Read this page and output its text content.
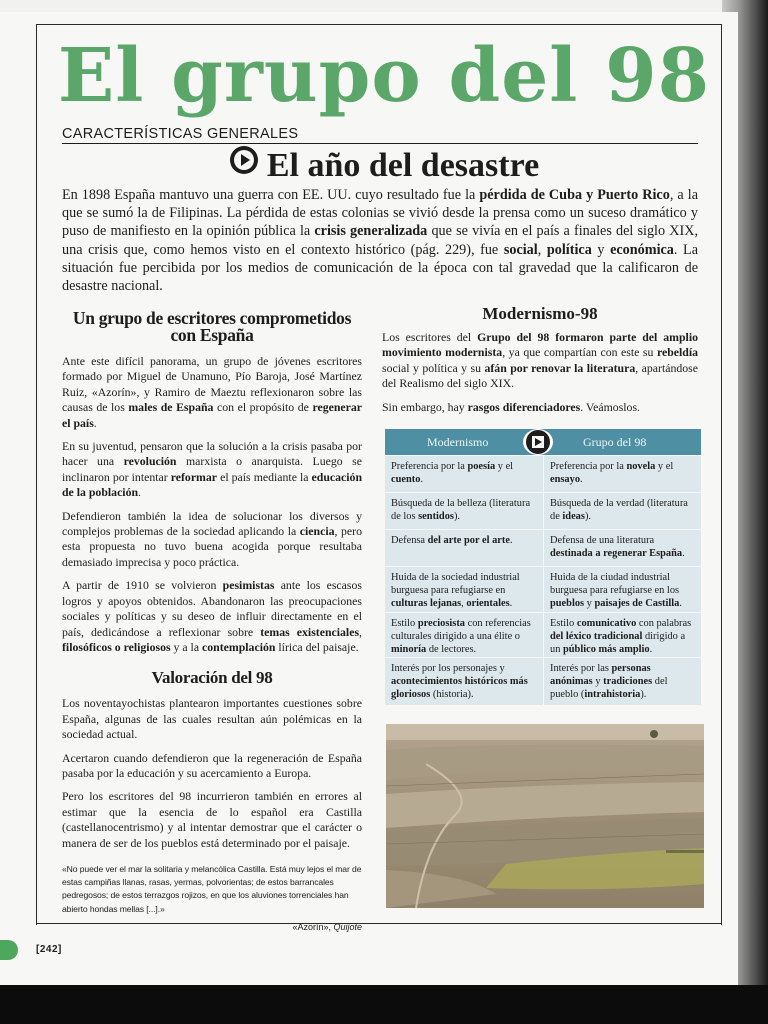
El grupo del 98
CARACTERÍSTICAS GENERALES
El año del desastre

En 1898 España mantuvo una guerra con EE. UU. cuyo resultado fue la pérdida de Cuba y Puerto Rico, a la que se sumó la de Filipinas. La pérdida de estas colonias se vivió desde la prensa como un suceso dramático y puso de manifiesto en la opinión pública la crisis generalizada que se vivía en el país a finales del siglo XIX, una crisis que, como hemos visto en el contexto histórico (pág. 229), fue social, política y económica. La situación fue percibida por los medios de comunicación de la época con tal gravedad que la calificaron de desastre nacional.

Un grupo de escritores comprometidos con España

Ante este difícil panorama, un grupo de jóvenes escritores formado por Miguel de Unamuno, Pío Baroja, José Martínez Ruiz, «Azorín», y Ramiro de Maeztu reflexionaron sobre las causas de los males de España con el propósito de regenerar el país.

En su juventud, pensaron que la solución a la crisis pasaba por hacer una revolución marxista o anarquista. Luego se inclinaron por intentar reformar el país mediante la educación de la población.

Defendieron también la idea de solucionar los diversos y complejos problemas de la sociedad aplicando la ciencia, pero esta propuesta no tuvo buena acogida porque resultaba demasiado imprecisa y poco práctica.

A partir de 1910 se volvieron pesimistas ante los escasos logros y apoyos obtenidos. Abandonaron las preocupaciones sociales y políticas y su deseo de influir directamente en el país, dedicándose a reflexionar sobre temas existenciales, filosóficos o religiosos y a la contemplación lírica del paisaje.

Valoración del 98

Los noventayochistas plantearon importantes cuestiones sobre España, algunas de las cuales resultan aún polémicas en la sociedad actual.

Acertaron cuando defendieron que la regeneración de España pasaba por la educación y su acercamiento a Europa.

Pero los escritores del 98 incurrieron también en errores al estimar que la esencia de lo español era Castilla (castellanocentrismo) y al intentar demostrar que el carácter o manera de ser de los pueblos está determinado por el paisaje.

«No puede ver el mar la solitaria y melancólica Castilla. Está muy lejos el mar de estas campiñas llanas, rasas, yermas, polvorientas; de estos barrancales pedregosos; de estos terrazgos rojizos, en que los aluviones torrenciales han abierto hondas mellas [...].»
«Azorín», Quijote
Modernismo-98

Los escritores del Grupo del 98 formaron parte del amplio movimiento modernista, ya que compartían con este su rebeldía social y política y su afán por renovar la literatura, apartándose del Realismo del siglo XIX.

Sin embargo, hay rasgos diferenciadores. Veámoslos.

Modernismo	Grupo del 98
Preferencia por la poesía y el cuento.
Preferencia por la novela y el ensayo.
Búsqueda de la belleza (literatura de los sentidos).
Búsqueda de la verdad (literatura de ideas).
Defensa del arte por el arte.	Defensa de una literatura destinada a regenerar España.
Huida de la sociedad industrial burguesa para refugiarse en culturas lejanas, orientales.
Huida de la ciudad industrial burguesa para refugiarse en los pueblos y paisajes de Castilla.
Estilo preciosista con referencias culturales dirigido a una élite o minoría de lectores.
Estilo comunicativo con palabras del léxico tradicional dirigido a un público más amplio.
Interés por los personajes y acontecimientos históricos más gloriosos (historia).
Interés por las personas anónimas y tradiciones del pueblo (intrahistoria).
[242]
